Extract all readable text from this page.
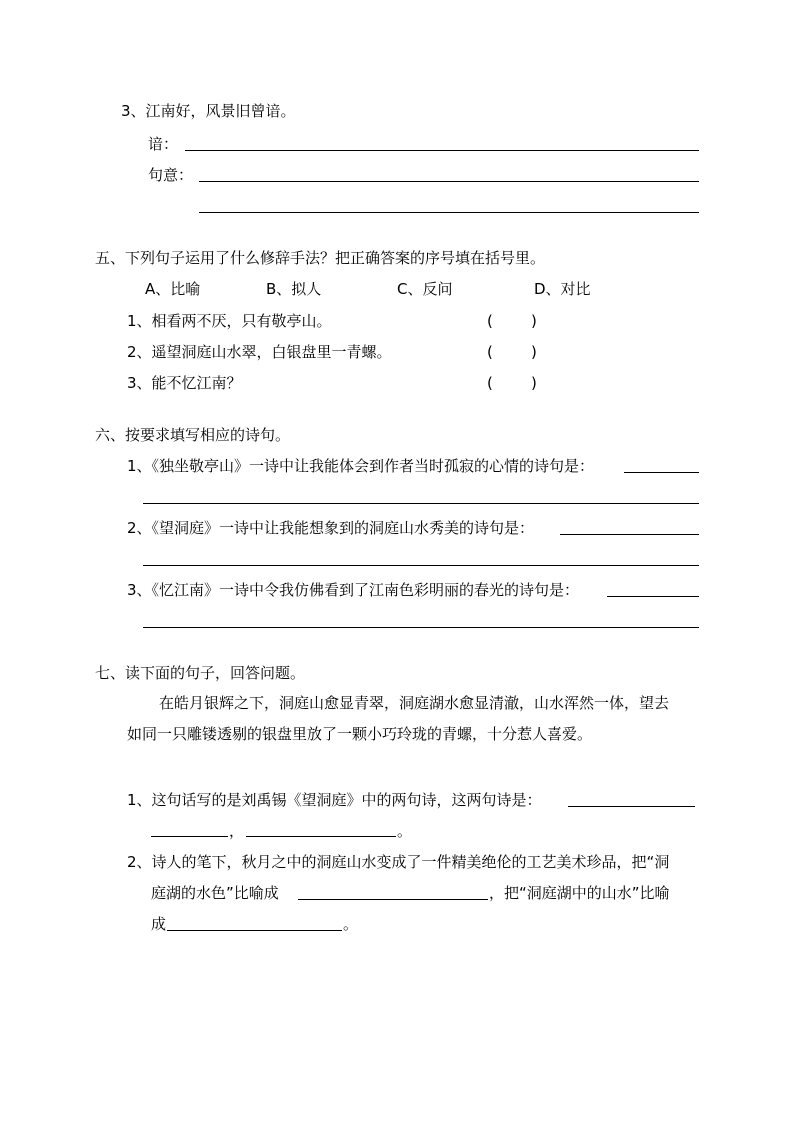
3、江南好，风景旧曾谙。
谙：
句意：
五、下列句子运用了什么修辞手法？把正确答案的序号填在括号里。
A、比喻	B、拟人	C、反问	D、对比
1、相看两不厌，只有敬亭山。	(        )
2、遥望洞庭山水翠，白银盘里一青螺。	(        )
3、能不忆江南？	(        )
六、按要求填写相应的诗句。
1、《独坐敬亭山》一诗中让我能体会到作者当时孤寂的心情的诗句是：
2、《望洞庭》一诗中让我能想象到的洞庭山水秀美的诗句是：
3、《忆江南》一诗中令我仿佛看到了江南色彩明丽的春光的诗句是：
七、读下面的句子，回答问题。
在皓月银辉之下，洞庭山愈显青翠，洞庭湖水愈显清澈，山水浑然一体，望去
如同一只雕镂透剔的银盘里放了一颗小巧玲珑的青螺，十分惹人喜爱。
1、这句话写的是刘禹锡《望洞庭》中的两句诗，这两句诗是：
，	。
2、诗人的笔下，秋月之中的洞庭山水变成了一件精美绝伦的工艺美术珍品，把“洞
庭湖的水色”比喻成	，把“洞庭湖中的山水”比喻
成	。
